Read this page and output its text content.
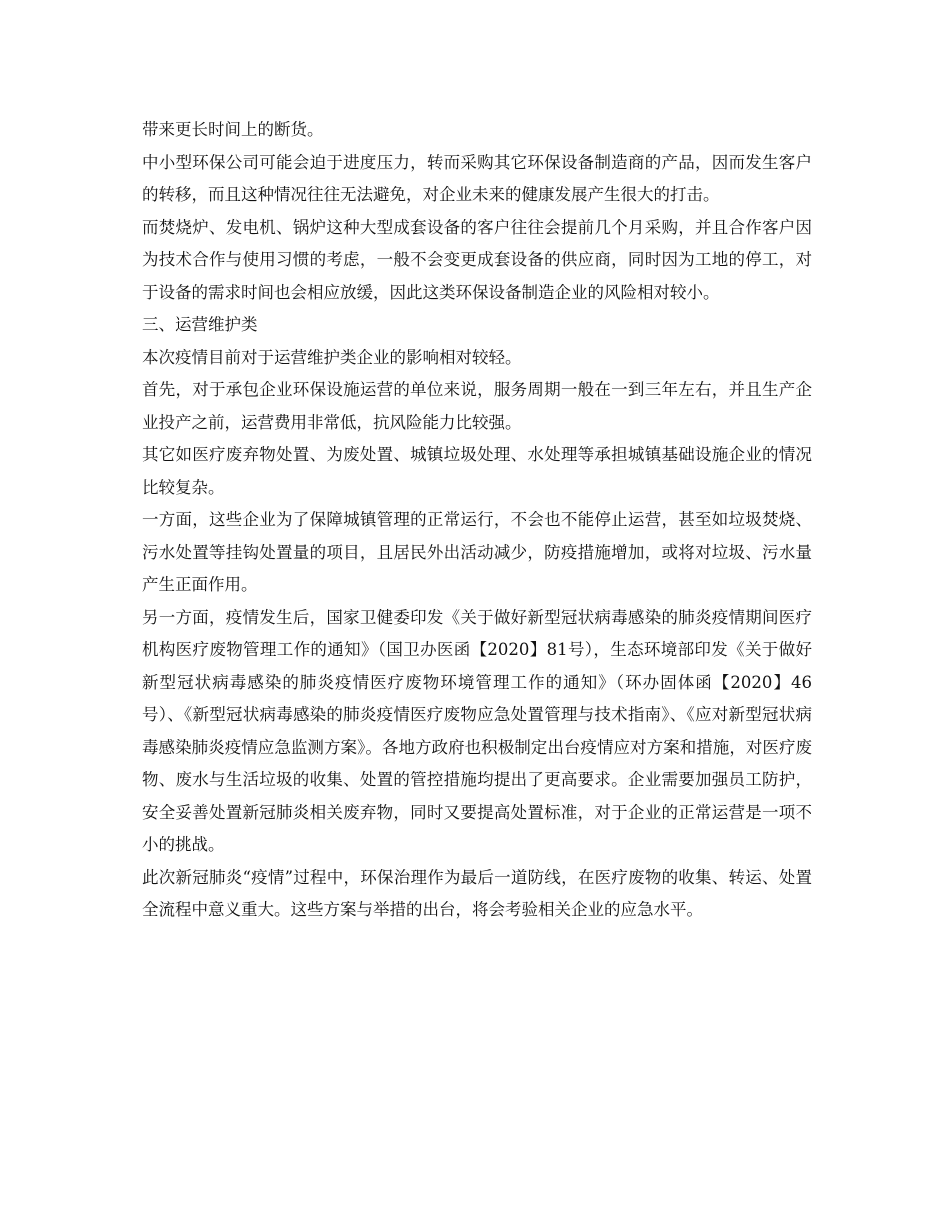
带来更长时间上的断货。

中小型环保公司可能会迫于进度压力，转而采购其它环保设备制造商的产品，因而发生客户的转移，而且这种情况往往无法避免，对企业未来的健康发展产生很大的打击。

而焚烧炉、发电机、锅炉这种大型成套设备的客户往往会提前几个月采购，并且合作客户因为技术合作与使用习惯的考虑，一般不会变更成套设备的供应商，同时因为工地的停工，对于设备的需求时间也会相应放缓，因此这类环保设备制造企业的风险相对较小。

三、运营维护类

本次疫情目前对于运营维护类企业的影响相对较轻。

首先，对于承包企业环保设施运营的单位来说，服务周期一般在一到三年左右，并且生产企业投产之前，运营费用非常低，抗风险能力比较强。

其它如医疗废弃物处置、为废处置、城镇垃圾处理、水处理等承担城镇基础设施企业的情况比较复杂。

一方面，这些企业为了保障城镇管理的正常运行，不会也不能停止运营，甚至如垃圾焚烧、污水处置等挂钩处置量的项目，且居民外出活动减少，防疫措施增加，或将对垃圾、污水量产生正面作用。

另一方面，疫情发生后，国家卫健委印发《关于做好新型冠状病毒感染的肺炎疫情期间医疗机构医疗废物管理工作的通知》（国卫办医函【2020】81号），生态环境部印发《关于做好新型冠状病毒感染的肺炎疫情医疗废物环境管理工作的通知》（环办固体函【2020】46号）、《新型冠状病毒感染的肺炎疫情医疗废物应急处置管理与技术指南》、《应对新型冠状病毒感染肺炎疫情应急监测方案》。各地方政府也积极制定出台疫情应对方案和措施，对医疗废物、废水与生活垃圾的收集、处置的管控措施均提出了更高要求。企业需要加强员工防护，安全妥善处置新冠肺炎相关废弃物，同时又要提高处置标准，对于企业的正常运营是一项不小的挑战。

此次新冠肺炎“疫情”过程中，环保治理作为最后一道防线，在医疗废物的收集、转运、处置全流程中意义重大。这些方案与举措的出台，将会考验相关企业的应急水平。
